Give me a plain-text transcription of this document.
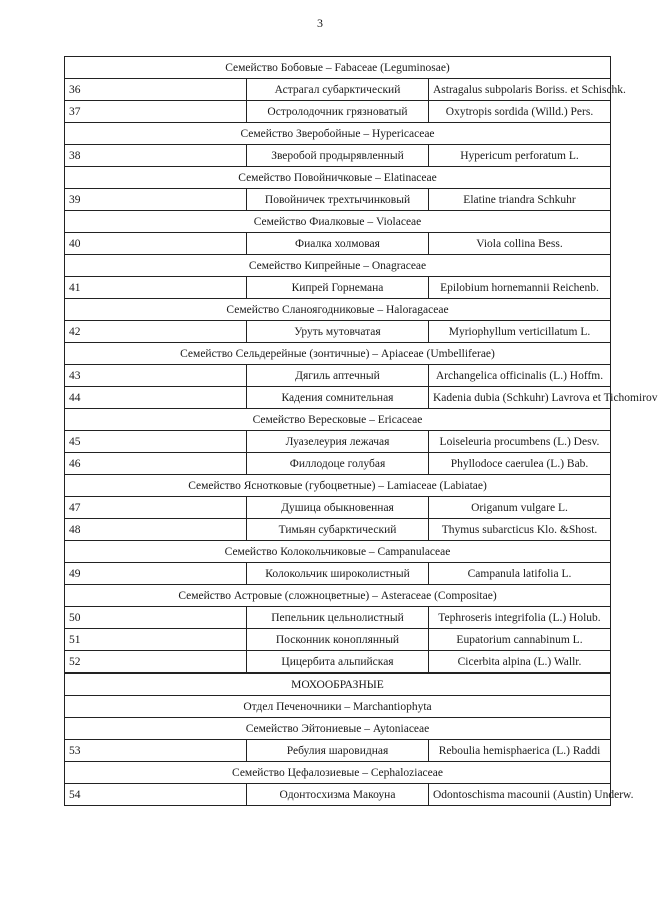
3
Семейство Бобовые – Fabaceae (Leguminosae)		
36	Астрагал субарктический	Astragalus subpolaris Boriss. et Schischk.
37	Остролодочник грязноватый	Oxytropis sordida (Willd.) Pers.
Семейство Зверобойные – Hypericaceae		
38	Зверобой продырявленный	Hypericum perforatum L.
Семейство Повойничковые – Elatinaceae		
39	Повойничек трехтычинковый	Elatine triandra Schkuhr
Семейство Фиалковые – Violaceae		
40	Фиалка холмовая	Viola collina Bess.
Семейство Кипрейные – Onagraceae		
41	Кипрей Горнемана	Epilobium hornemannii Reichenb.
Семейство Сланоягодниковые – Haloragaceae		
42	Уруть мутовчатая	Myriophyllum verticillatum L.
Семейство Сельдерейные (зонтичные) – Apiaceae (Umbelliferae)		
43	Дягиль аптечный	Archangelica officinalis (L.) Hoffm.
44	Кадения сомнительная	Kadenia dubia (Schkuhr) Lavrova et Tichomirov
Семейство Вересковые – Ericaceae		
45	Луазелеурия лежачая	Loiseleuria procumbens (L.) Desv.
46	Филлодоце голубая	Phyllodoce caerulea (L.) Bab.
Семейство Яснотковые (губоцветные) – Lamiaceae (Labiatae)		
47	Душица обыкновенная	Origanum vulgare L.
48	Тимьян субарктический	Thymus subarcticus Klo. &Shost.
Семейство Колокольчиковые – Campanulaceae		
49	Колокольчик широколистный	Campanula latifolia L.
Семейство Астровые (сложноцветные) – Asteraceae (Compositae)		
50	Пепельник цельнолистный	Tephroseris integrifolia (L.) Holub.
51	Посконник коноплянный	Eupatorium cannabinum L.
52	Цицербита альпийская	Cicerbita alpina (L.) Wallr.
МОХООБРАЗНЫЕ		
Отдел Печеночники – Marchantiophyta		
Семейство Эйтониевые – Aytoniaceae		
53	Ребулия шаровидная	Reboulia hemisphaerica (L.) Raddi
Семейство Цефалозиевые – Cephaloziaceae		
54	Одонтосхизма Макоуна	Odontoschisma macounii (Austin) Underw.
